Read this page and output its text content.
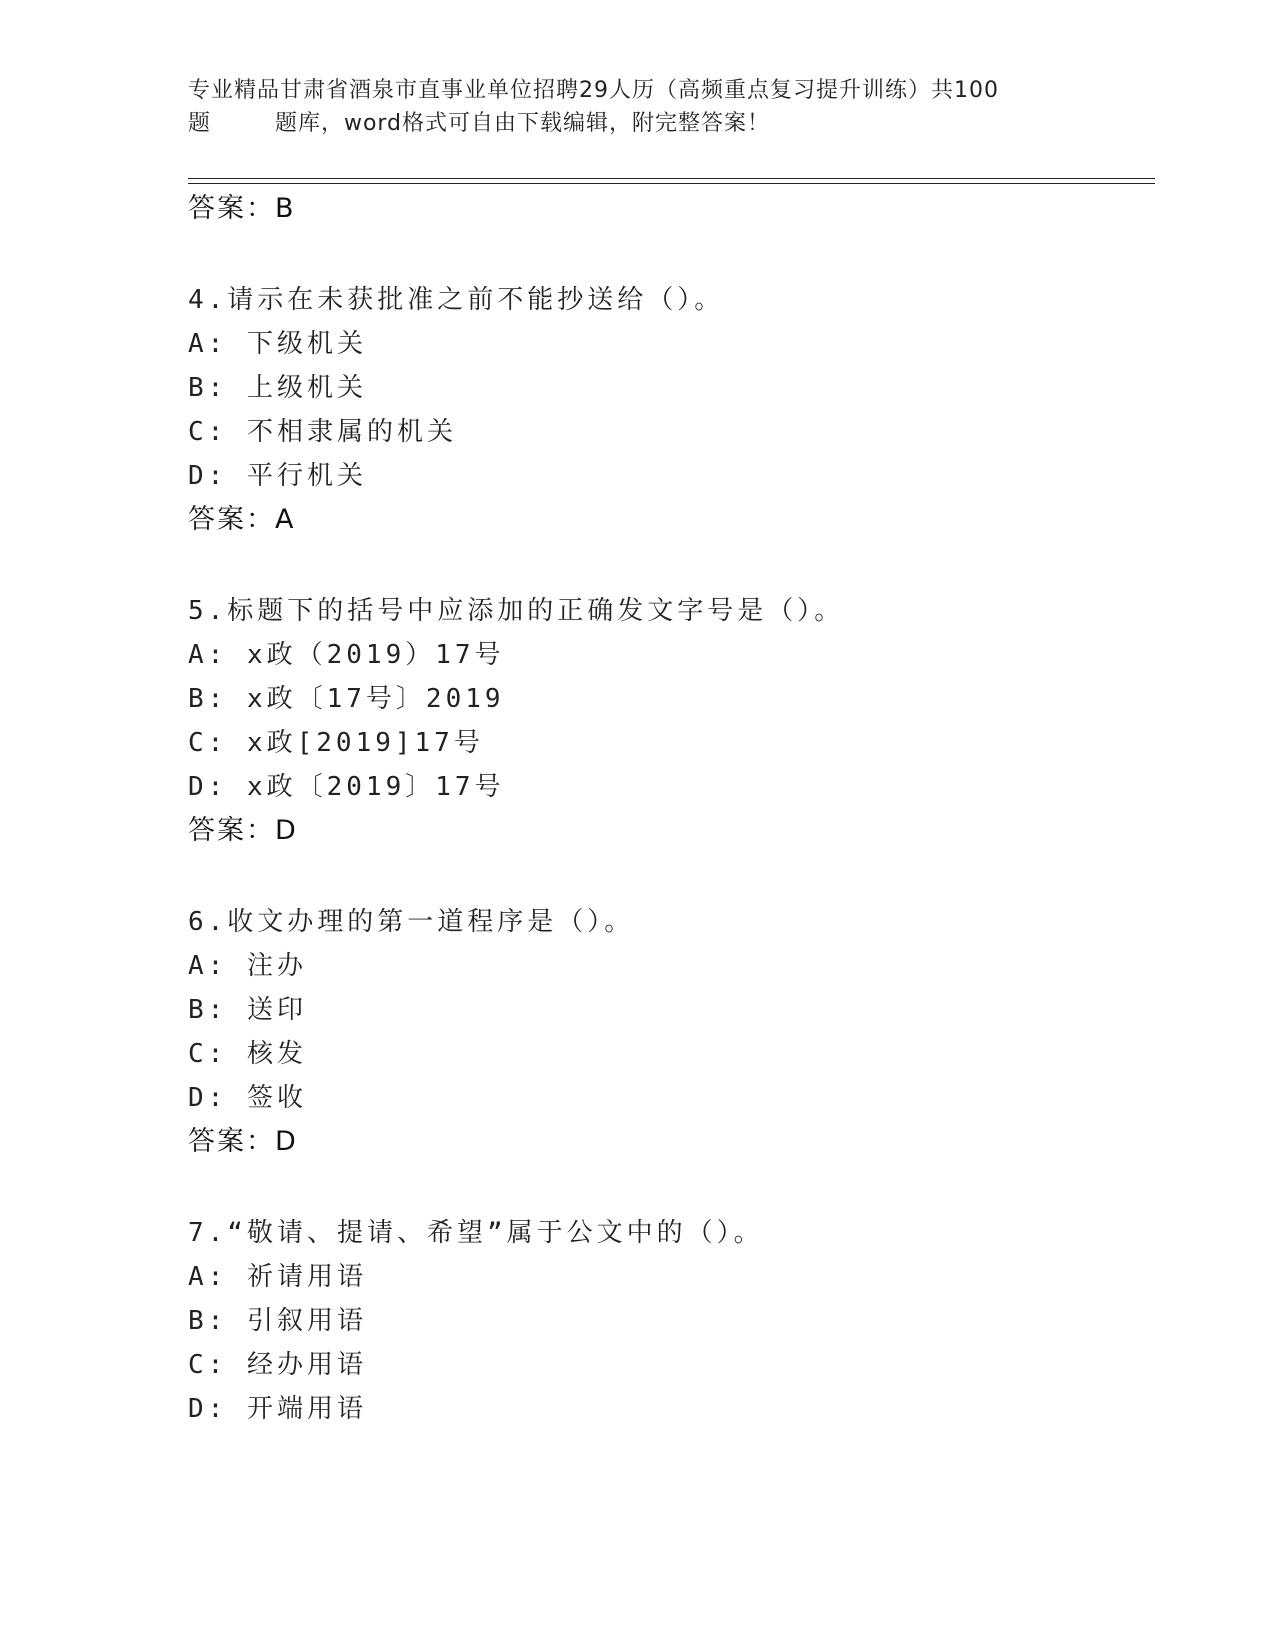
专业精品甘肃省酒泉市直事业单位招聘29人历（高频重点复习提升训练）共100
题        题库，word格式可自由下载编辑，附完整答案！
答案：B
4.请示在未获批准之前不能抄送给（）。
A: 下级机关
B: 上级机关
C: 不相隶属的机关
D: 平行机关
答案：A
5.标题下的括号中应添加的正确发文字号是（）。
A: x政（2019）17号
B: x政〔17号〕2019
C: x政[2019]17号
D: x政〔2019〕17号
答案：D
6.收文办理的第一道程序是（）。
A: 注办
B: 送印
C: 核发
D: 签收
答案：D
7.“敬请、提请、希望”属于公文中的（）。
A: 祈请用语
B: 引叙用语
C: 经办用语
D: 开端用语
